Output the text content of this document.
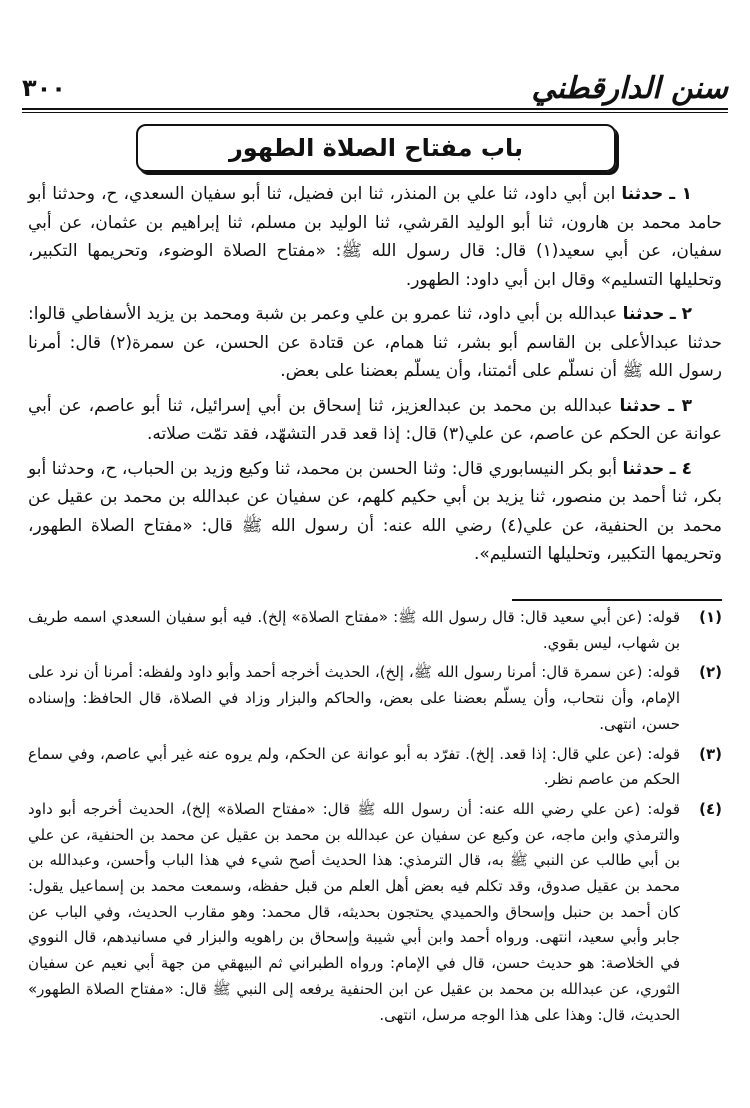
سنن الدارقطني
٣٠٠
باب مفتاح الصلاة الطهور

١ ـ حدثنا ابن أبي داود، ثنا علي بن المنذر، ثنا ابن فضيل، ثنا أبو سفيان السعدي، ح، وحدثنا أبو حامد محمد بن هارون، ثنا أبو الوليد القرشي، ثنا الوليد بن مسلم، ثنا إبراهيم بن عثمان، عن أبي سفيان، عن أبي سعيد(١) قال: قال رسول الله ﷺ: «مفتاح الصلاة الوضوء، وتحريمها التكبير، وتحليلها التسليم» وقال ابن أبي داود: الطهور.

٢ ـ حدثنا عبدالله بن أبي داود، ثنا عمرو بن علي وعمر بن شبة ومحمد بن يزيد الأسفاطي قالوا: حدثنا عبدالأعلى بن القاسم أبو بشر، ثنا همام، عن قتادة عن الحسن، عن سمرة(٢) قال: أمرنا رسول الله ﷺ أن نسلّم على أئمتنا، وأن يسلّم بعضنا على بعض.

٣ ـ حدثنا عبدالله بن محمد بن عبدالعزيز، ثنا إسحاق بن أبي إسرائيل، ثنا أبو عاصم، عن أبي عوانة عن الحكم عن عاصم، عن علي(٣) قال: إذا قعد قدر التشهّد، فقد تمّت صلاته.

٤ ـ حدثنا أبو بكر النيسابوري قال: وثنا الحسن بن محمد، ثنا وكيع وزيد بن الحباب، ح، وحدثنا أبو بكر، ثنا أحمد بن منصور، ثنا يزيد بن أبي حكيم كلهم، عن سفيان عن عبدالله بن محمد بن عقيل عن محمد بن الحنفية، عن علي(٤) رضي الله عنه: أن رسول الله ﷺ قال: «مفتاح الصلاة الطهور، وتحريمها التكبير، وتحليلها التسليم».

(١)
قوله: (عن أبي سعيد قال: قال رسول الله ﷺ: «مفتاح الصلاة» إلخ). فيه أبو سفيان السعدي اسمه طريف بن شهاب، ليس بقوي.
(٢)
قوله: (عن سمرة قال: أمرنا رسول الله ﷺ، إلخ)، الحديث أخرجه أحمد وأبو داود ولفظه: أمرنا أن نرد على الإمام، وأن نتحاب، وأن يسلّم بعضنا على بعض، والحاكم والبزار وزاد في الصلاة، قال الحافظ: وإسناده حسن، انتهى.
(٣)
قوله: (عن علي قال: إذا قعد. إلخ). تفرّد به أبو عوانة عن الحكم، ولم يروه عنه غير أبي عاصم، وفي سماع الحكم من عاصم نظر.
(٤)
قوله: (عن علي رضي الله عنه: أن رسول الله ﷺ قال: «مفتاح الصلاة» إلخ)، الحديث أخرجه أبو داود والترمذي وابن ماجه، عن وكيع عن سفيان عن عبدالله بن محمد بن عقيل عن محمد بن الحنفية، عن علي بن أبي طالب عن النبي ﷺ به، قال الترمذي: هذا الحديث أصح شيء في هذا الباب وأحسن، وعبدالله بن محمد بن عقيل صدوق، وقد تكلم فيه بعض أهل العلم من قبل حفظه، وسمعت محمد بن إسماعيل يقول: كان أحمد بن حنبل وإسحاق والحميدي يحتجون بحديثه، قال محمد: وهو مقارب الحديث، وفي الباب عن جابر وأبي سعيد، انتهى. ورواه أحمد وابن أبي شيبة وإسحاق بن راهويه والبزار في مسانيدهم، قال النووي في الخلاصة: هو حديث حسن، قال في الإمام: ورواه الطبراني ثم البيهقي من جهة أبي نعيم عن سفيان الثوري، عن عبدالله بن محمد بن عقيل عن ابن الحنفية يرفعه إلى النبي ﷺ قال: «مفتاح الصلاة الطهور» الحديث، قال: وهذا على هذا الوجه مرسل، انتهى.
